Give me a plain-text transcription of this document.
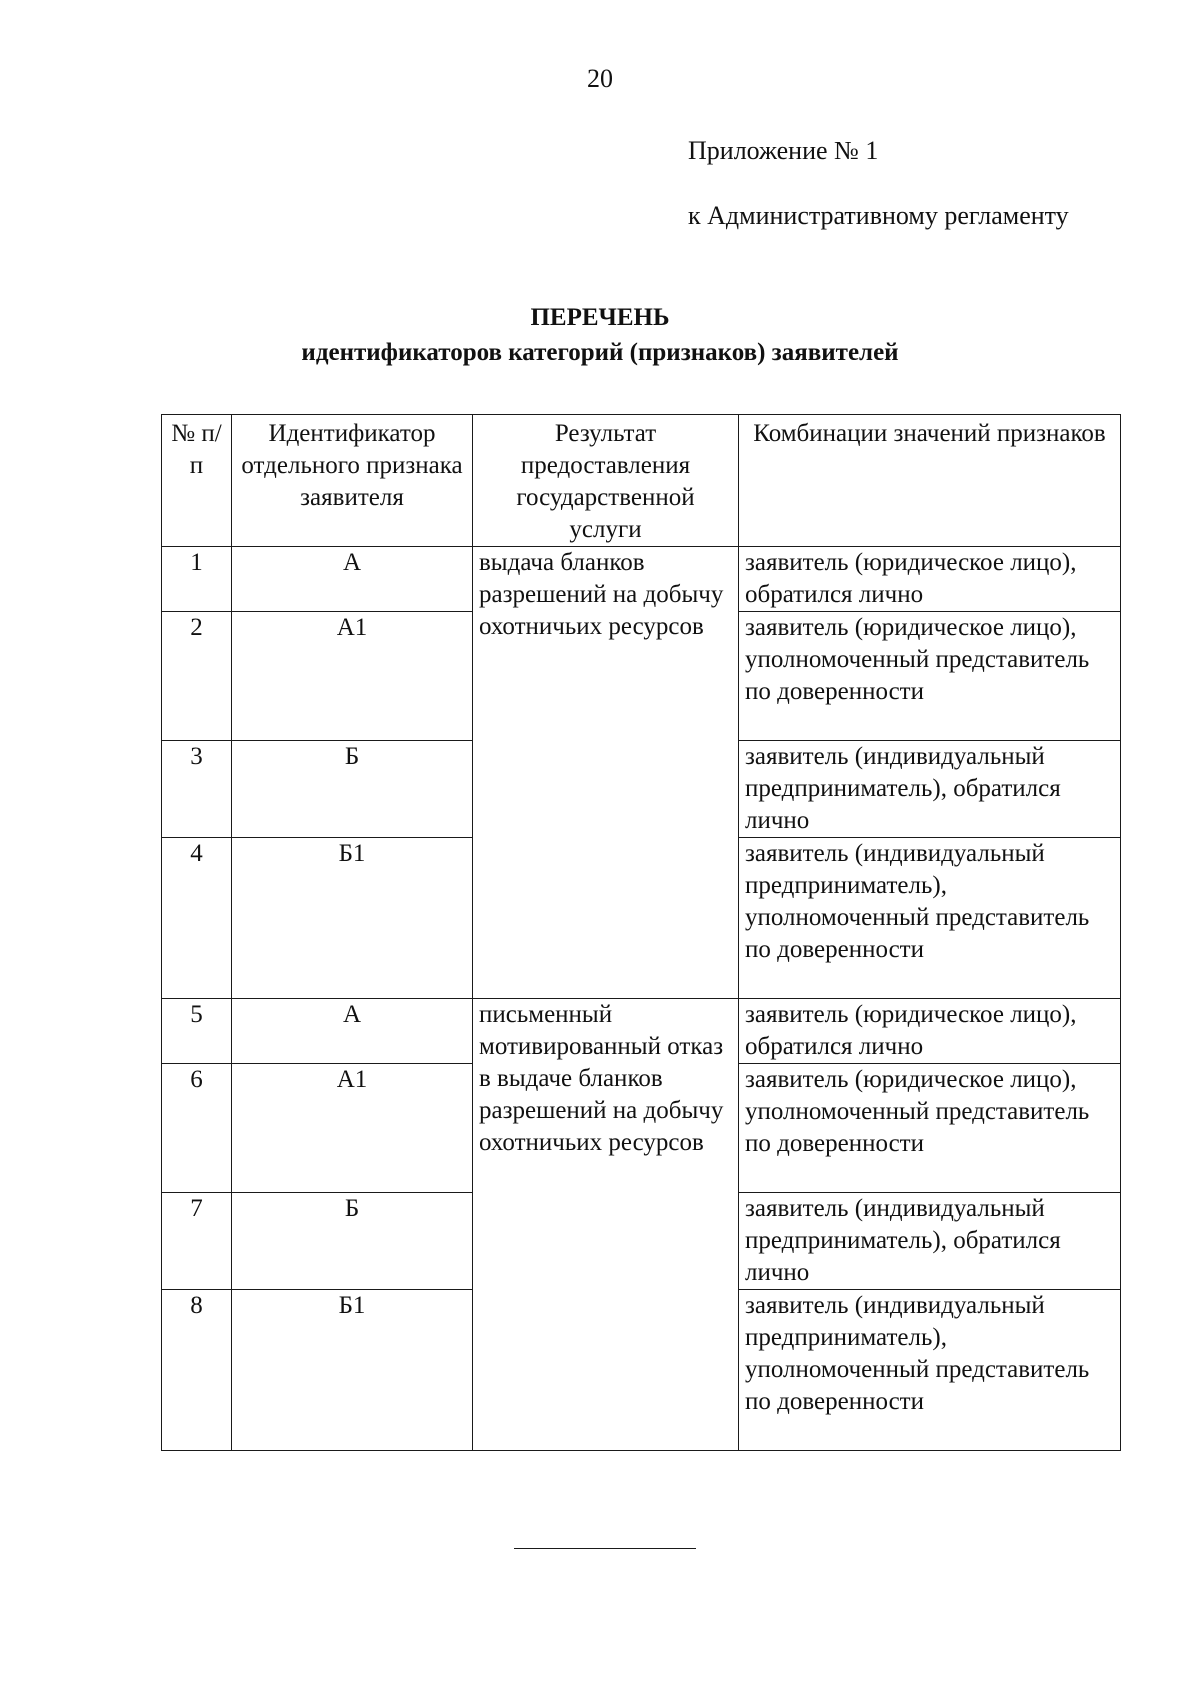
20
Приложение № 1
к Административному регламенту
ПЕРЕЧЕНЬ
идентификаторов категорий (признаков) заявителей
№ п/п	Идентификатор отдельного признака заявителя	Результат предоставления государственной услуги	Комбинации значений признаков
1	А	выдача бланков разрешений на добычу охотничьих ресурсов	заявитель (юридическое лицо), обратился лично
2	А1		заявитель (юридическое лицо), уполномоченный представитель по доверенности
3	Б		заявитель (индивидуальный предприниматель), обратился лично
4	Б1		заявитель (индивидуальный предприниматель), уполномоченный представитель по доверенности
5	А	письменный мотивированный отказ в выдаче бланков разрешений на добычу охотничьих ресурсов	заявитель (юридическое лицо), обратился лично
6	А1		заявитель (юридическое лицо), уполномоченный представитель по доверенности
7	Б		заявитель (индивидуальный предприниматель), обратился лично
8	Б1		заявитель (индивидуальный предприниматель), уполномоченный представитель по доверенности
